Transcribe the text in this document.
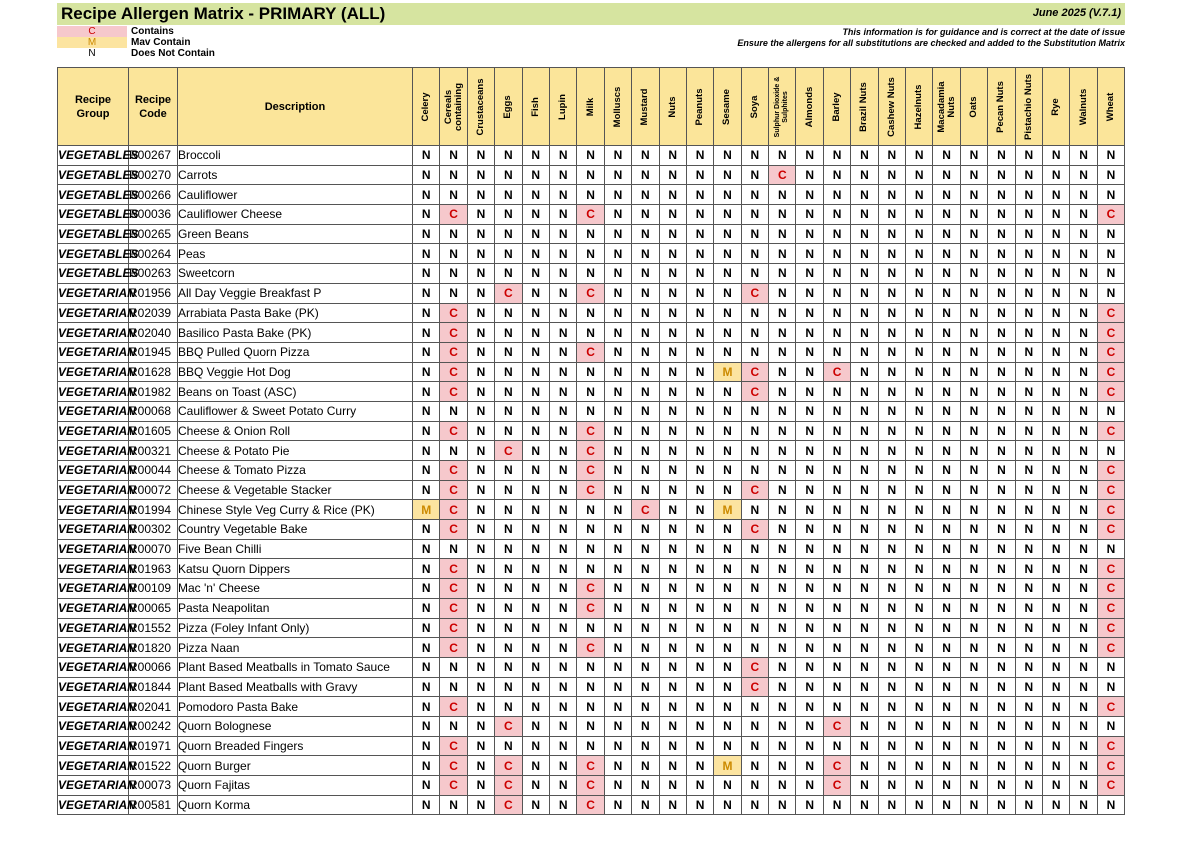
Recipe Allergen Matrix - PRIMARY (ALL)	June 2025 (V.7.1)
C	Contains
M	Mav Contain
N	Does Not Contain
This information is for guidance and is correct at the date of issue
Ensure the allergens for all substitutions are checked and added to the Substitution Matrix
Recipe Group	Recipe Code	Description	Celery	Cereals containing	Crustaceans	Eggs	Fish	Lupin	Milk	Molluscs	Mustard	Nuts	Peanuts	Sesame	Soya	Sulphur Dioxide & Sulphites	Almonds	Barley	Brazil Nuts	Cashew Nuts	Hazelnuts	Macadamia Nuts	Oats	Pecan Nuts	Pistachio Nuts	Rye	Walnuts	Wheat

VEGETABLES	R00267	Broccoli	N	N	N	N	N	N	N	N	N	N	N	N	N	N	N	N	N	N	N	N	N	N	N	N	N	N
VEGETABLES	R00270	Carrots	N	N	N	N	N	N	N	N	N	N	N	N	N	C	N	N	N	N	N	N	N	N	N	N	N	N
VEGETABLES	R00266	Cauliflower	N	N	N	N	N	N	N	N	N	N	N	N	N	N	N	N	N	N	N	N	N	N	N	N	N	N
VEGETABLES	R00036	Cauliflower Cheese	N	C	N	N	N	N	C	N	N	N	N	N	N	N	N	N	N	N	N	N	N	N	N	N	N	C
VEGETABLES	R00265	Green Beans	N	N	N	N	N	N	N	N	N	N	N	N	N	N	N	N	N	N	N	N	N	N	N	N	N	N
VEGETABLES	R00264	Peas	N	N	N	N	N	N	N	N	N	N	N	N	N	N	N	N	N	N	N	N	N	N	N	N	N	N
VEGETABLES	R00263	Sweetcorn	N	N	N	N	N	N	N	N	N	N	N	N	N	N	N	N	N	N	N	N	N	N	N	N	N	N
VEGETARIAN	R01956	All Day Veggie Breakfast P	N	N	N	C	N	N	C	N	N	N	N	N	C	N	N	N	N	N	N	N	N	N	N	N	N	N
VEGETARIAN	R02039	Arrabiata Pasta Bake (PK)	N	C	N	N	N	N	N	N	N	N	N	N	N	N	N	N	N	N	N	N	N	N	N	N	N	C
VEGETARIAN	R02040	Basilico Pasta Bake (PK)	N	C	N	N	N	N	N	N	N	N	N	N	N	N	N	N	N	N	N	N	N	N	N	N	N	C
VEGETARIAN	R01945	BBQ Pulled Quorn Pizza	N	C	N	N	N	N	C	N	N	N	N	N	N	N	N	N	N	N	N	N	N	N	N	N	N	C
VEGETARIAN	R01628	BBQ Veggie Hot Dog	N	C	N	N	N	N	N	N	N	N	N	M	C	N	N	C	N	N	N	N	N	N	N	N	N	C
VEGETARIAN	R01982	Beans on Toast (ASC)	N	C	N	N	N	N	N	N	N	N	N	N	C	N	N	N	N	N	N	N	N	N	N	N	N	C
VEGETARIAN	R00068	Cauliflower & Sweet Potato Curry	N	N	N	N	N	N	N	N	N	N	N	N	N	N	N	N	N	N	N	N	N	N	N	N	N	N
VEGETARIAN	R01605	Cheese & Onion Roll	N	C	N	N	N	N	C	N	N	N	N	N	N	N	N	N	N	N	N	N	N	N	N	N	N	C
VEGETARIAN	R00321	Cheese & Potato Pie	N	N	N	C	N	N	C	N	N	N	N	N	N	N	N	N	N	N	N	N	N	N	N	N	N	N
VEGETARIAN	R00044	Cheese & Tomato Pizza	N	C	N	N	N	N	C	N	N	N	N	N	N	N	N	N	N	N	N	N	N	N	N	N	N	C
VEGETARIAN	R00072	Cheese & Vegetable Stacker	N	C	N	N	N	N	C	N	N	N	N	N	C	N	N	N	N	N	N	N	N	N	N	N	N	C
VEGETARIAN	R01994	Chinese Style Veg Curry & Rice (PK)	M	C	N	N	N	N	N	N	C	N	N	M	N	N	N	N	N	N	N	N	N	N	N	N	N	C
VEGETARIAN	R00302	Country Vegetable Bake	N	C	N	N	N	N	N	N	N	N	N	N	C	N	N	N	N	N	N	N	N	N	N	N	N	C
VEGETARIAN	R00070	Five Bean Chilli	N	N	N	N	N	N	N	N	N	N	N	N	N	N	N	N	N	N	N	N	N	N	N	N	N	N
VEGETARIAN	R01963	Katsu Quorn Dippers	N	C	N	N	N	N	N	N	N	N	N	N	N	N	N	N	N	N	N	N	N	N	N	N	N	C
VEGETARIAN	R00109	Mac 'n' Cheese	N	C	N	N	N	N	C	N	N	N	N	N	N	N	N	N	N	N	N	N	N	N	N	N	N	C
VEGETARIAN	R00065	Pasta Neapolitan	N	C	N	N	N	N	C	N	N	N	N	N	N	N	N	N	N	N	N	N	N	N	N	N	N	C
VEGETARIAN	R01552	Pizza (Foley Infant Only)	N	C	N	N	N	N	N	N	N	N	N	N	N	N	N	N	N	N	N	N	N	N	N	N	N	C
VEGETARIAN	R01820	Pizza Naan	N	C	N	N	N	N	C	N	N	N	N	N	N	N	N	N	N	N	N	N	N	N	N	N	N	C
VEGETARIAN	R00066	Plant Based Meatballs in Tomato Sauce	N	N	N	N	N	N	N	N	N	N	N	N	C	N	N	N	N	N	N	N	N	N	N	N	N	N
VEGETARIAN	R01844	Plant Based Meatballs with Gravy	N	N	N	N	N	N	N	N	N	N	N	N	C	N	N	N	N	N	N	N	N	N	N	N	N	N
VEGETARIAN	R02041	Pomodoro Pasta Bake	N	C	N	N	N	N	N	N	N	N	N	N	N	N	N	N	N	N	N	N	N	N	N	N	N	C
VEGETARIAN	R00242	Quorn Bolognese	N	N	N	C	N	N	N	N	N	N	N	N	N	N	N	C	N	N	N	N	N	N	N	N	N	N
VEGETARIAN	R01971	Quorn Breaded Fingers	N	C	N	N	N	N	N	N	N	N	N	N	N	N	N	N	N	N	N	N	N	N	N	N	N	C
VEGETARIAN	R01522	Quorn Burger	N	C	N	C	N	N	C	N	N	N	N	M	N	N	N	C	N	N	N	N	N	N	N	N	N	C
VEGETARIAN	R00073	Quorn Fajitas	N	C	N	C	N	N	C	N	N	N	N	N	N	N	N	C	N	N	N	N	N	N	N	N	N	C
VEGETARIAN	R00581	Quorn Korma	N	N	N	C	N	N	C	N	N	N	N	N	N	N	N	N	N	N	N	N	N	N	N	N	N	N
